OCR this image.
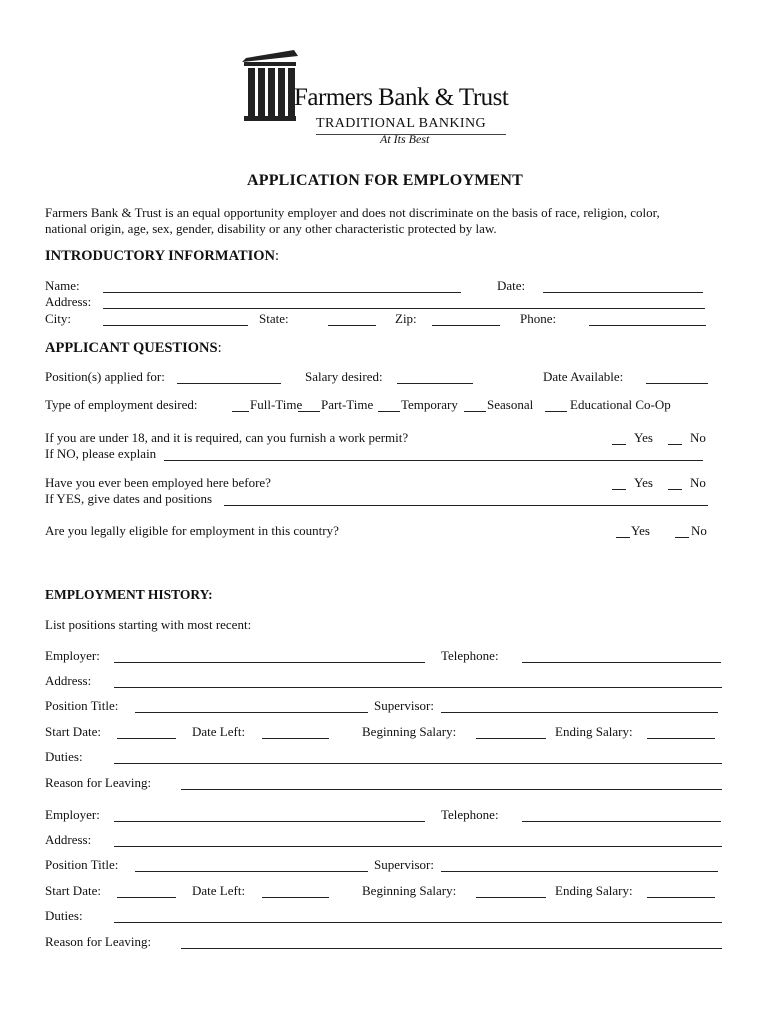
Farmers Bank & Trust
TRADITIONAL BANKING
At Its Best
APPLICATION FOR EMPLOYMENT
Farmers Bank & Trust is an equal opportunity employer and does not discriminate on the basis of race, religion, color,
national origin, age, sex, gender, disability or any other characteristic protected by law.
INTRODUCTORY INFORMATION:
Name:	Date:
Address:
City:	State:	Zip:	Phone:
APPLICANT QUESTIONS:
Position(s) applied for:	Salary desired:	Date Available:
Type of employment desired:	Full-Time Part-Time Temporary Seasonal	Educational Co-Op
If you are under 18, and it is required, can you furnish a work permit?	Yes	No
If NO, please explain
Have you ever been employed here before?	Yes	No
If YES, give dates and positions
Are you legally eligible for employment in this country?	Yes	No
EMPLOYMENT HISTORY:
List positions starting with most recent:
Employer:	Telephone:
Address:
Position Title:	Supervisor:
Start Date:	Date Left:	Beginning Salary:	Ending Salary:
Duties:
Reason for Leaving:
Employer:	Telephone:
Address:
Position Title:	Supervisor:
Start Date:	Date Left:	Beginning Salary:	Ending Salary:
Duties:
Reason for Leaving:
